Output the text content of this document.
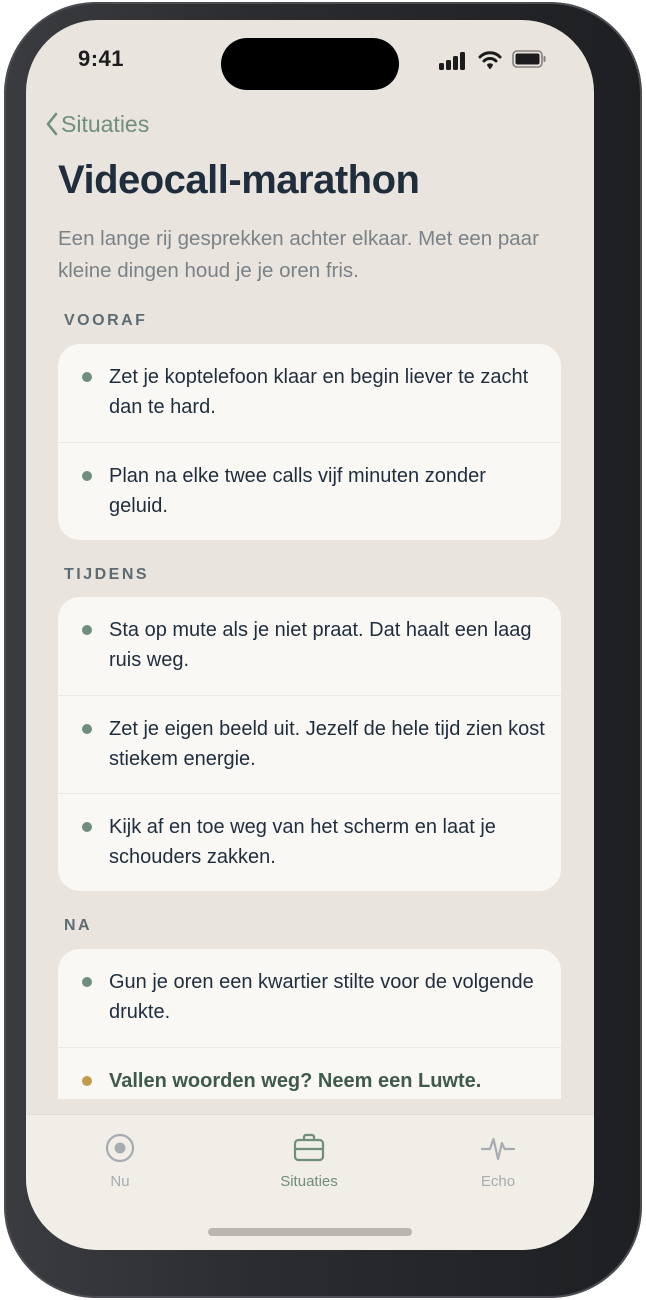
9:41
Situaties
Videocall-marathon

Een lange rij gesprekken achter elkaar. Met een paar kleine dingen houd je je oren fris.

VOORAF
Zet je koptelefoon klaar en begin liever te zacht dan te hard.
Plan na elke twee calls vijf minuten zonder geluid.
TIJDENS
Sta op mute als je niet praat. Dat haalt een laag ruis weg.
Zet je eigen beeld uit. Jezelf de hele tijd zien kost stiekem energie.
Kijk af en toe weg van het scherm en laat je schouders zakken.
NA
Gun je oren een kwartier stilte voor de volgende drukte.
Vallen woorden weg? Neem een Luwte.
Nu	Situaties	Echo
